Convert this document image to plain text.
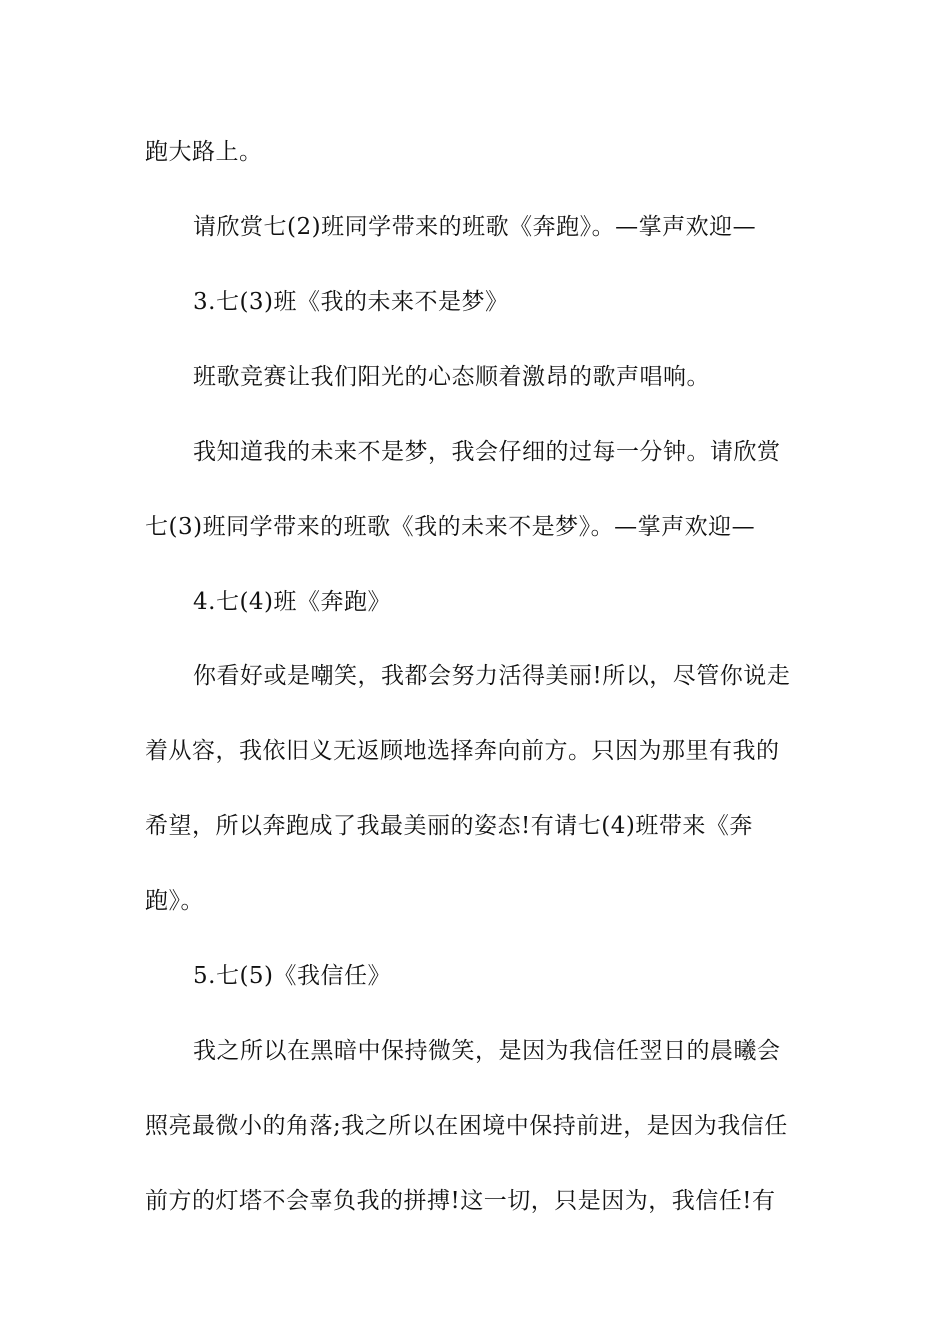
跑大路上。
请欣赏七(2)班同学带来的班歌《奔跑》。—掌声欢迎—
3.七(3)班《我的未来不是梦》
班歌竞赛让我们阳光的心态顺着激昂的歌声唱响。
我知道我的未来不是梦，我会仔细的过每一分钟。请欣赏
七(3)班同学带来的班歌《我的未来不是梦》。—掌声欢迎—
4.七(4)班《奔跑》
你看好或是嘲笑，我都会努力活得美丽!所以，尽管你说走
着从容，我依旧义无返顾地选择奔向前方。只因为那里有我的
希望，所以奔跑成了我最美丽的姿态!有请七(4)班带来《奔
跑》。
5.七(5)《我信任》
我之所以在黑暗中保持微笑，是因为我信任翌日的晨曦会
照亮最微小的角落;我之所以在困境中保持前进，是因为我信任
前方的灯塔不会辜负我的拼搏!这一切，只是因为，我信任!有
